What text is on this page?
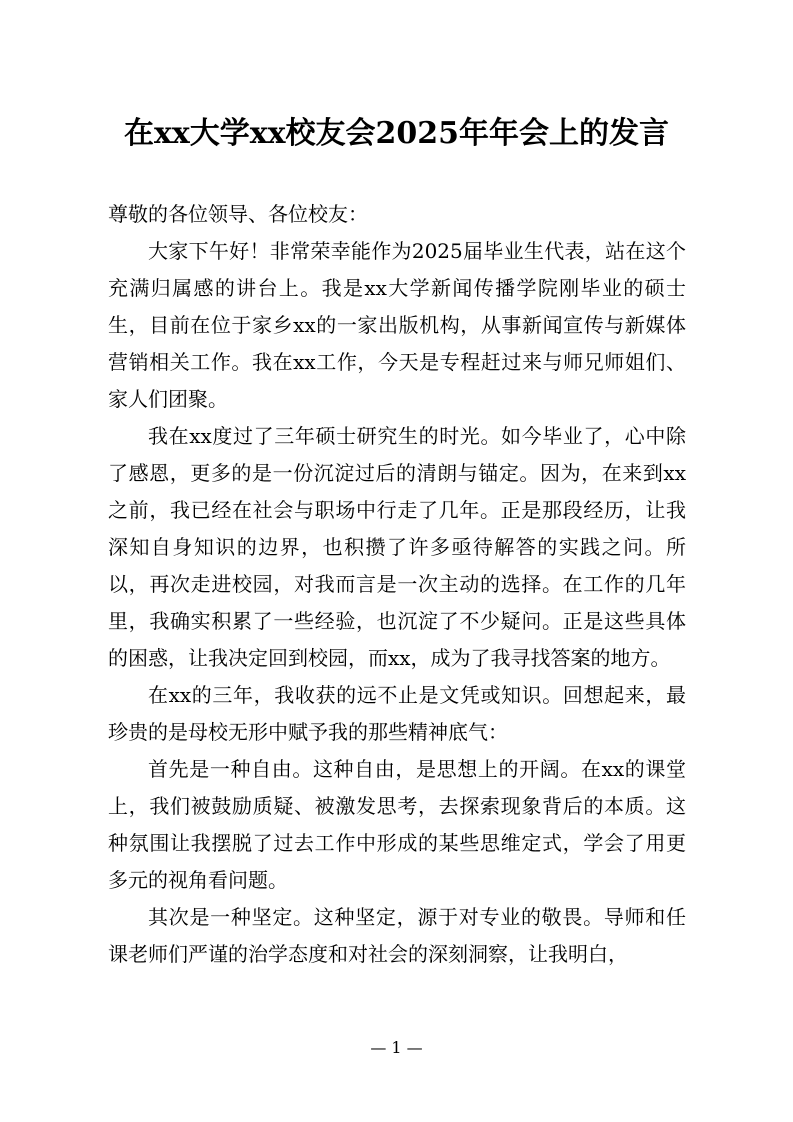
在xx大学xx校友会2025年年会上的发言

尊敬的各位领导、各位校友：

大家下午好！非常荣幸能作为2025届毕业生代表，站在这个充满归属感的讲台上。我是xx大学新闻传播学院刚毕业的硕士生，目前在位于家乡xx的一家出版机构，从事新闻宣传与新媒体营销相关工作。我在xx工作，今天是专程赶过来与师兄师姐们、家人们团聚。

我在xx度过了三年硕士研究生的时光。如今毕业了，心中除了感恩，更多的是一份沉淀过后的清朗与锚定。因为，在来到xx之前，我已经在社会与职场中行走了几年。正是那段经历，让我深知自身知识的边界，也积攒了许多亟待解答的实践之问。所以，再次走进校园，对我而言是一次主动的选择。在工作的几年里，我确实积累了一些经验，也沉淀了不少疑问。正是这些具体的困惑，让我决定回到校园，而xx，成为了我寻找答案的地方。

在xx的三年，我收获的远不止是文凭或知识。回想起来，最珍贵的是母校无形中赋予我的那些精神底气：

首先是一种自由。这种自由，是思想上的开阔。在xx的课堂上，我们被鼓励质疑、被激发思考，去探索现象背后的本质。这种氛围让我摆脱了过去工作中形成的某些思维定式，学会了用更多元的视角看问题。

其次是一种坚定。这种坚定，源于对专业的敬畏。导师和任课老师们严谨的治学态度和对社会的深刻洞察，让我明白，

— 1 —
